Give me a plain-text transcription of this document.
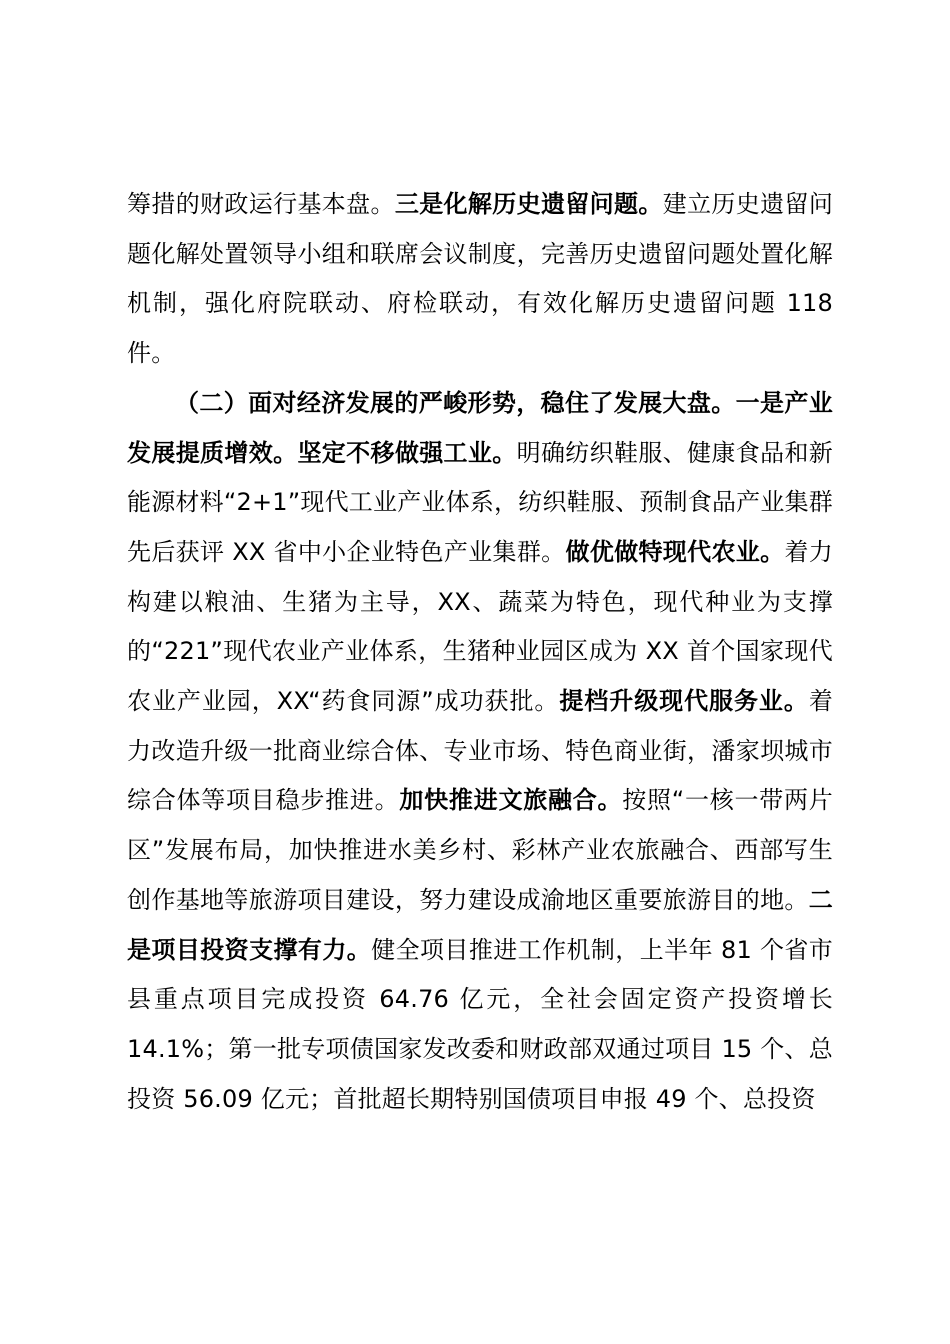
筹措的财政运行基本盘。三是化解历史遗留问题。建立历史遗留问题化解处置领导小组和联席会议制度，完善历史遗留问题处置化解机制，强化府院联动、府检联动，有效化解历史遗留问题 118 件。

（二）面对经济发展的严峻形势，稳住了发展大盘。一是产业发展提质增效。坚定不移做强工业。明确纺织鞋服、健康食品和新能源材料“2+1”现代工业产业体系，纺织鞋服、预制食品产业集群先后获评 XX 省中小企业特色产业集群。做优做特现代农业。着力构建以粮油、生猪为主导，XX、蔬菜为特色，现代种业为支撑的“221”现代农业产业体系，生猪种业园区成为 XX 首个国家现代农业产业园，XX“药食同源”成功获批。提档升级现代服务业。着力改造升级一批商业综合体、专业市场、特色商业街，潘家坝城市综合体等项目稳步推进。加快推进文旅融合。按照“一核一带两片区”发展布局，加快推进水美乡村、彩林产业农旅融合、西部写生创作基地等旅游项目建设，努力建设成渝地区重要旅游目的地。二是项目投资支撑有力。健全项目推进工作机制，上半年 81 个省市县重点项目完成投资 64.76 亿元，全社会固定资产投资增长 14.1%；第一批专项债国家发改委和财政部双通过项目 15 个、总投资 56.09 亿元；首批超长期特别国债项目申报 49 个、总投资
